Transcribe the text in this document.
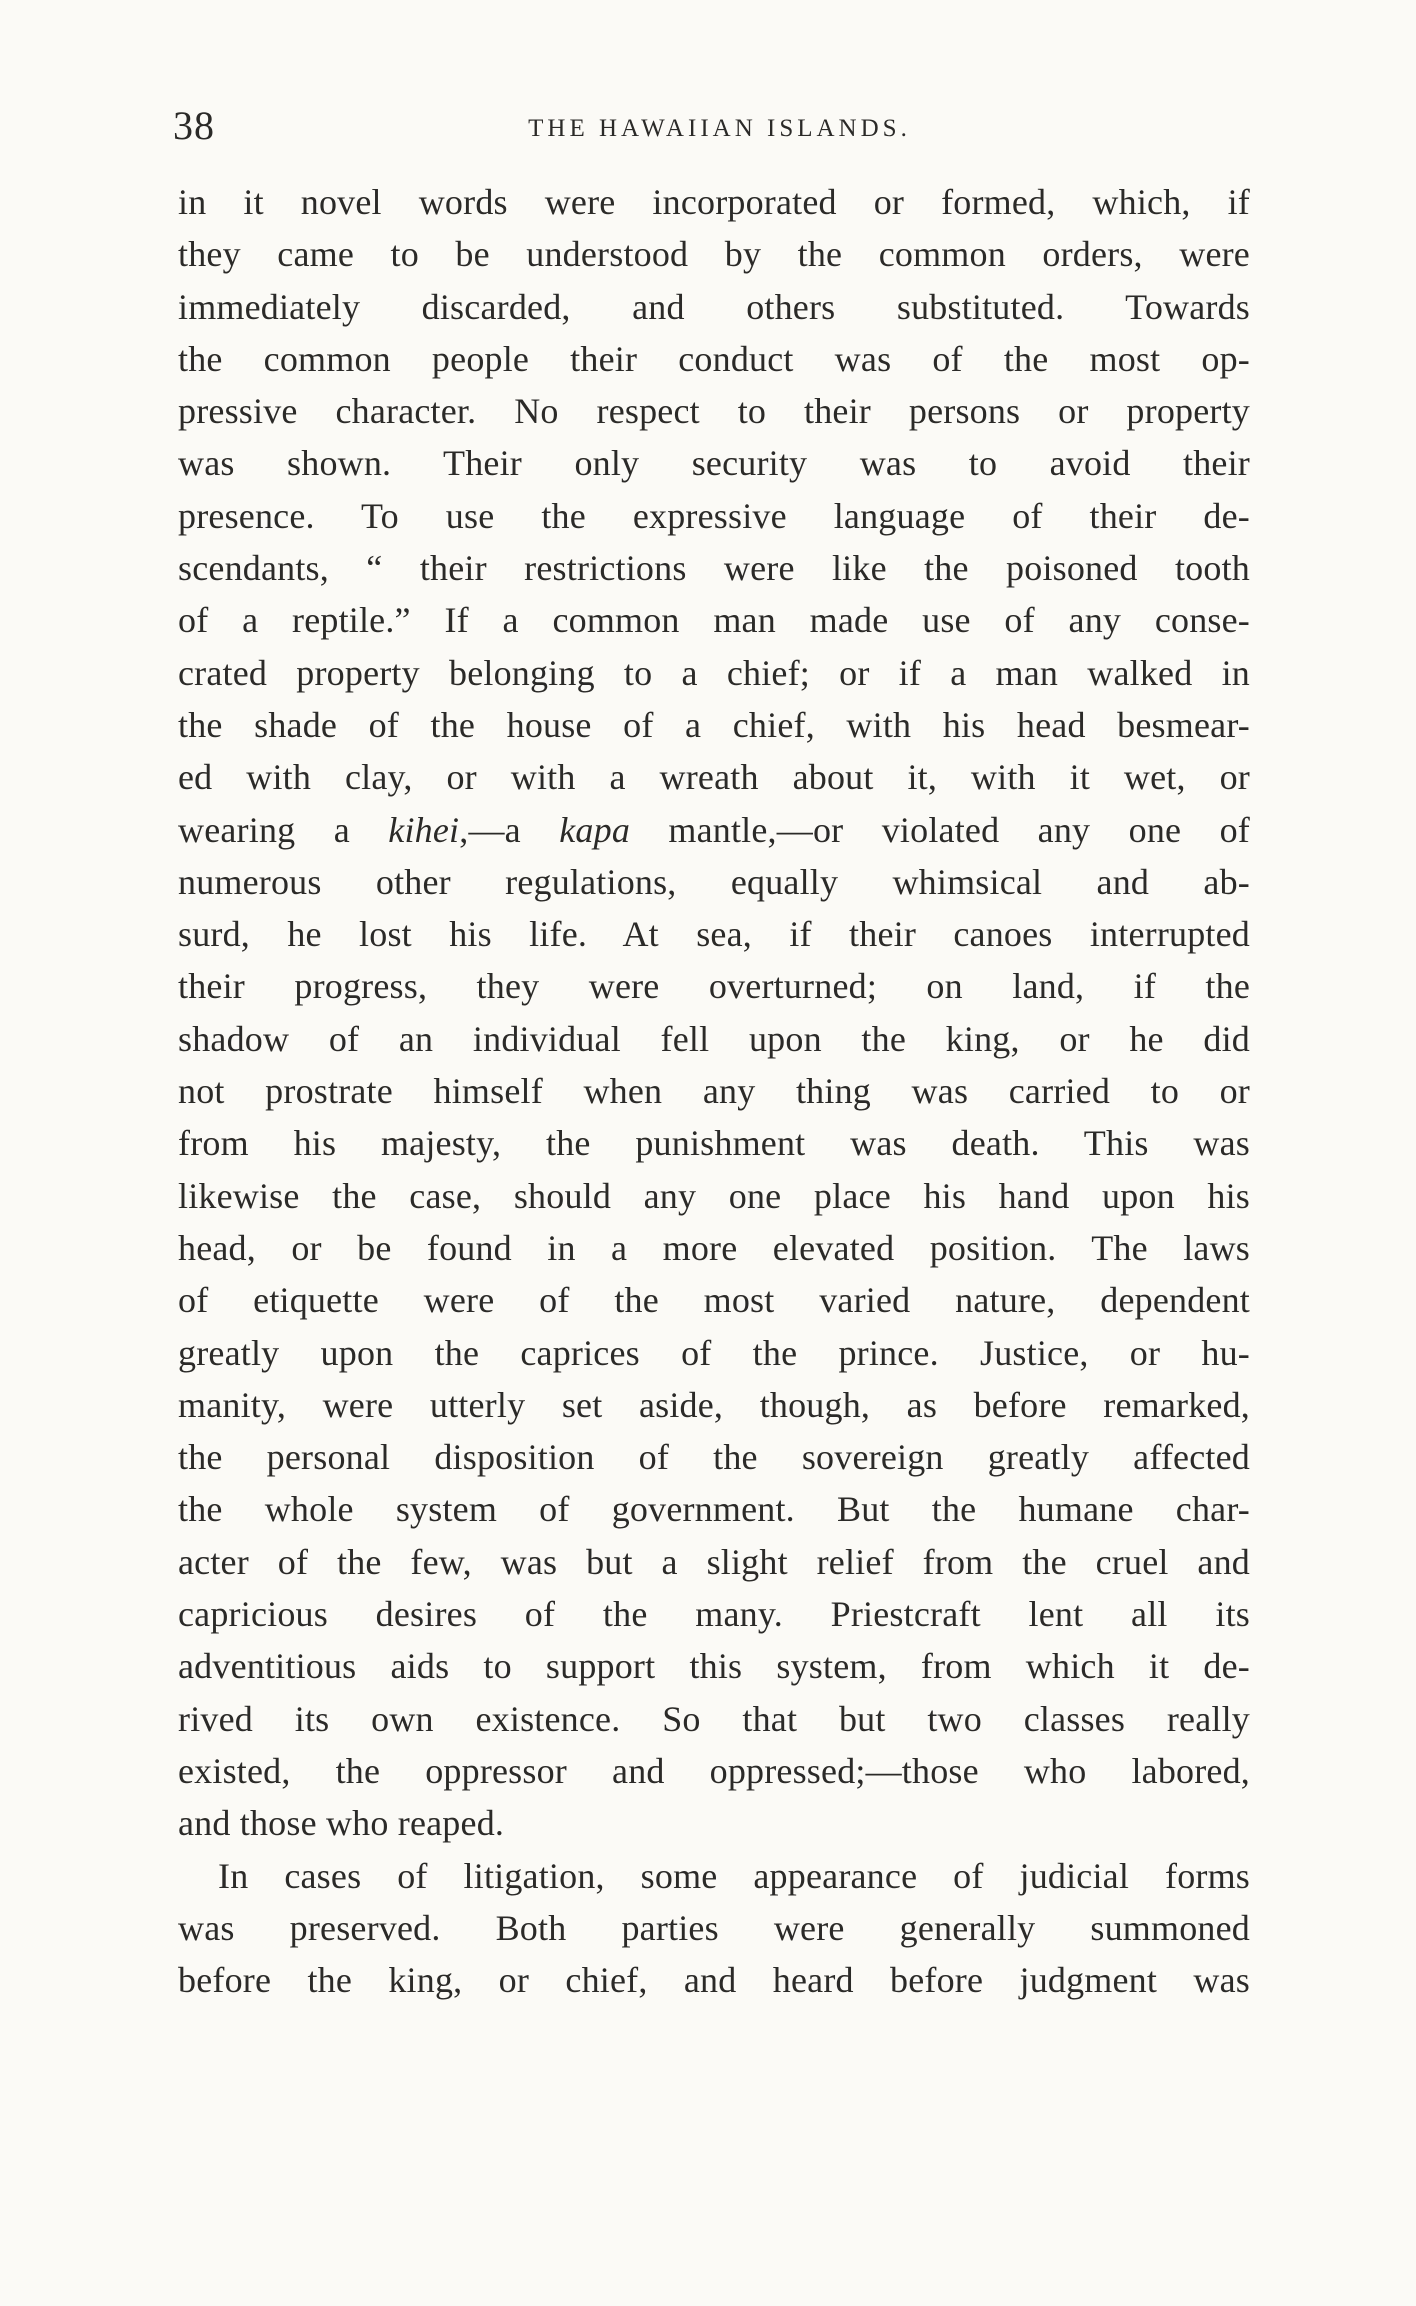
38	THE HAWAIIAN ISLANDS.
in it novel words were incorporated or formed, which, if
they came to be understood by the common orders, were
immediately discarded, and others substituted. Towards
the common people their conduct was of the most op-
pressive character. No respect to their persons or property
was shown. Their only security was to avoid their
presence. To use the expressive language of their de-
scendants, “ their restrictions were like the poisoned tooth
of a reptile.” If a common man made use of any conse-
crated property belonging to a chief; or if a man walked in
the shade of the house of a chief, with his head besmear-
ed with clay, or with a wreath about it, with it wet, or
wearing a kihei,—a kapa mantle,—or violated any one of
numerous other regulations, equally whimsical and ab-
surd, he lost his life. At sea, if their canoes interrupted
their progress, they were overturned; on land, if the
shadow of an individual fell upon the king, or he did
not prostrate himself when any thing was carried to or
from his majesty, the punishment was death. This was
likewise the case, should any one place his hand upon his
head, or be found in a more elevated position. The laws
of etiquette were of the most varied nature, dependent
greatly upon the caprices of the prince. Justice, or hu-
manity, were utterly set aside, though, as before remarked,
the personal disposition of the sovereign greatly affected
the whole system of government. But the humane char-
acter of the few, was but a slight relief from the cruel and
capricious desires of the many. Priestcraft lent all its
adventitious aids to support this system, from which it de-
rived its own existence. So that but two classes really
existed, the oppressor and oppressed;—those who labored,
and those who reaped.
In cases of litigation, some appearance of judicial forms
was preserved. Both parties were generally summoned
before the king, or chief, and heard before judgment was
